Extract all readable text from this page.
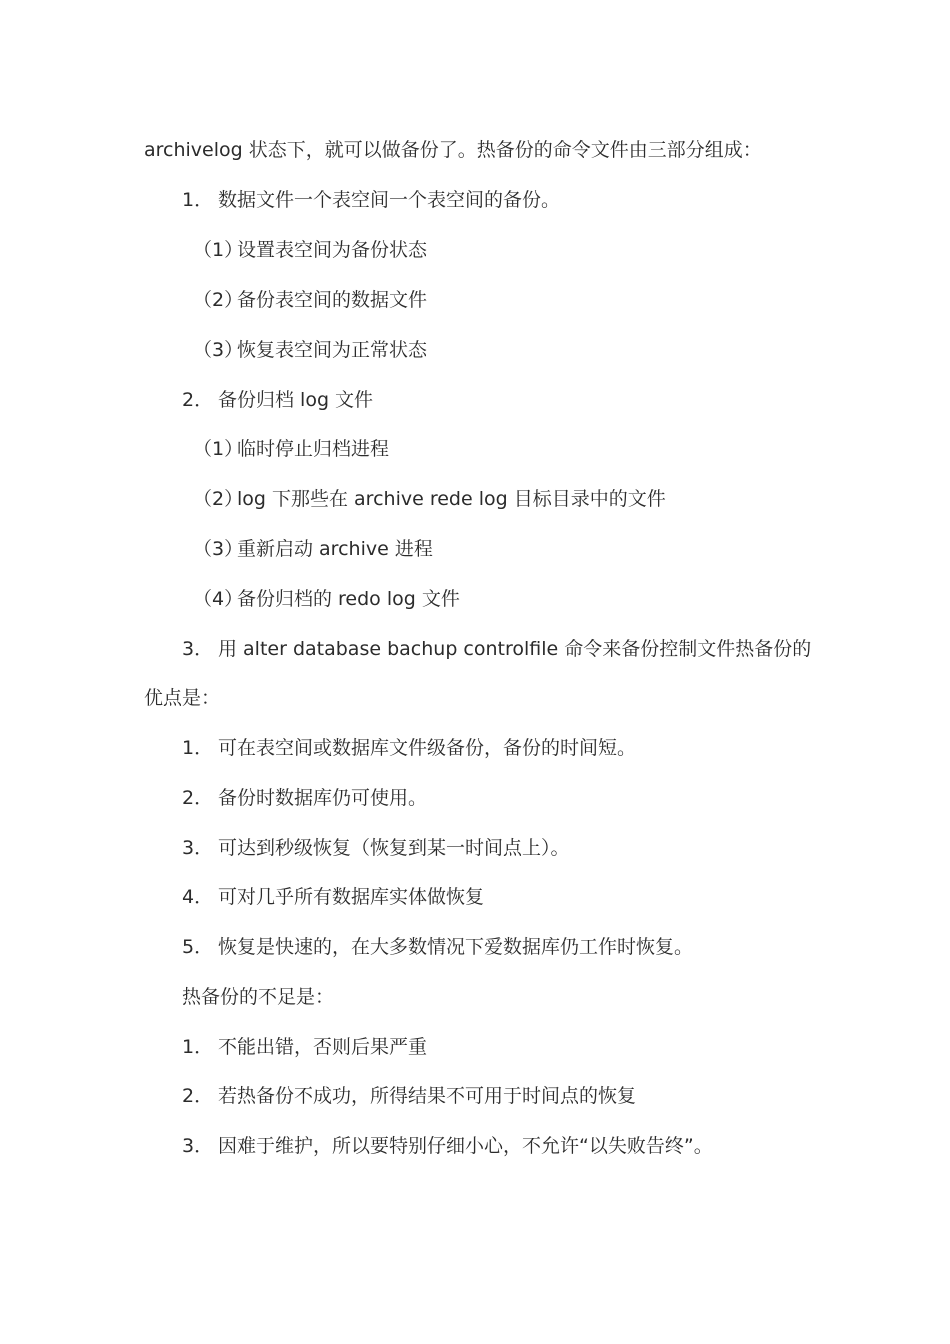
archivelog 状态下，就可以做备份了。热备份的命令文件由三部分组成：
1． 数据文件一个表空间一个表空间的备份。
（1）设置表空间为备份状态
（2）备份表空间的数据文件
（3）恢复表空间为正常状态
2． 备份归档 log 文件
（1）临时停止归档进程
（2）log 下那些在 archive rede log 目标目录中的文件
（3）重新启动 archive 进程
（4）备份归档的 redo log 文件
3． 用 alter database bachup controlfile 命令来备份控制文件热备份的
优点是：
1． 可在表空间或数据库文件级备份，备份的时间短。
2． 备份时数据库仍可使用。
3． 可达到秒级恢复（恢复到某一时间点上）。
4． 可对几乎所有数据库实体做恢复
5． 恢复是快速的，在大多数情况下爱数据库仍工作时恢复。
热备份的不足是：
1． 不能出错，否则后果严重
2． 若热备份不成功，所得结果不可用于时间点的恢复
3． 因难于维护，所以要特别仔细小心，不允许“以失败告终”。
